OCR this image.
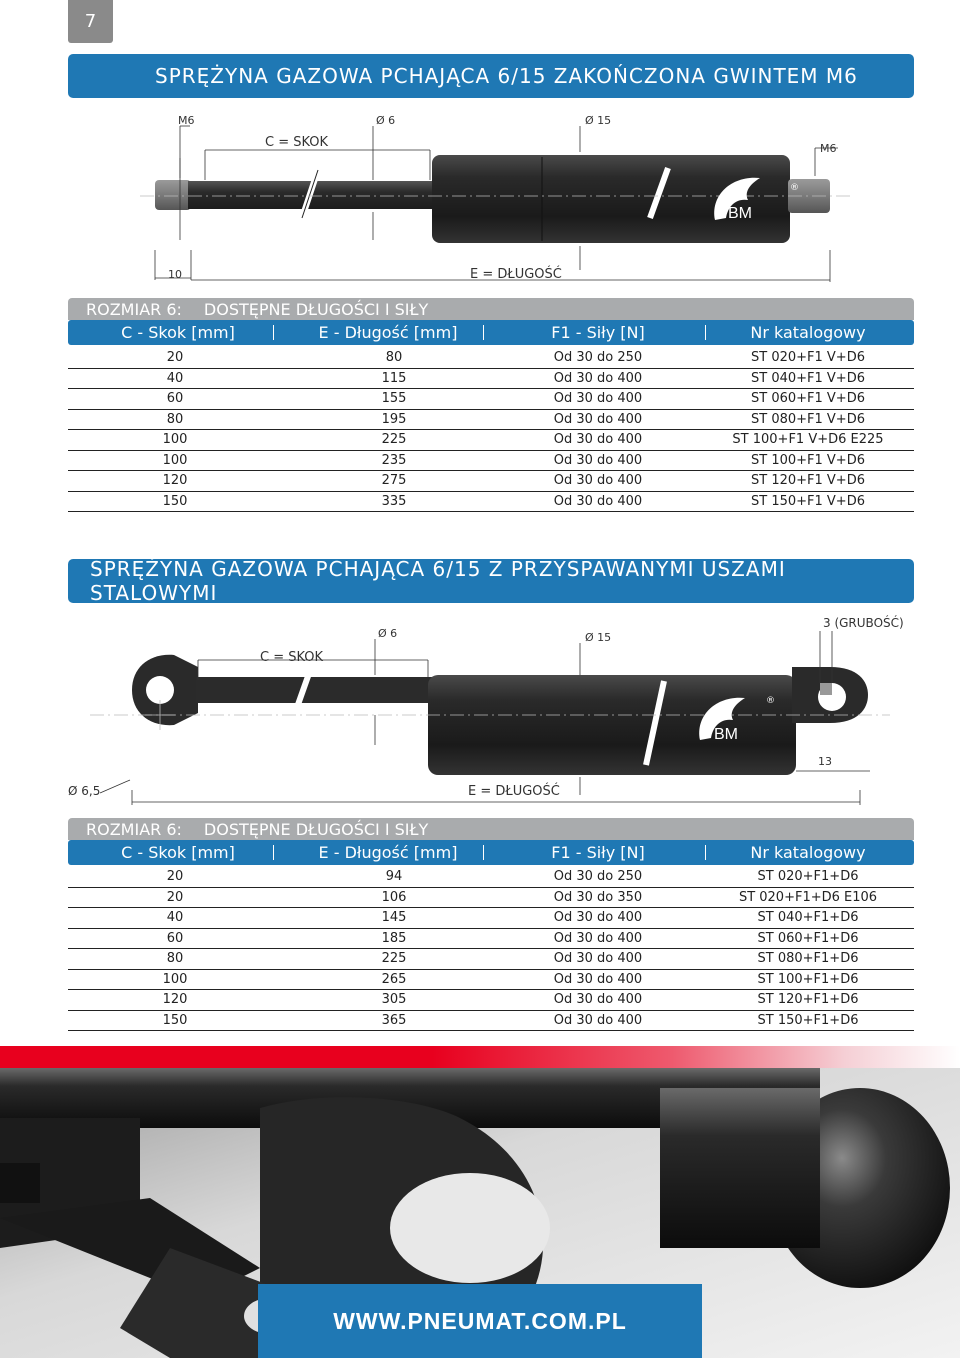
7
SPRĘŻYNA GAZOWA PCHAJĄCA 6/15 ZAKOŃCZONA GWINTEM M6
BM
®
M6	Ø 6	Ø 15
C = SKOK	M6
10	E = DŁUGOŚĆ
ROZMIAR 6: DOSTĘPNE DŁUGOŚCI I SIŁY
C - Skok [mm]	E - Długość [mm]	F1 - Siły [N]	Nr katalogowy
20	80	Od 30 do 250	ST 020+F1 V+D6
40	115	Od 30 do 400	ST 040+F1 V+D6
60	155	Od 30 do 400	ST 060+F1 V+D6
80	195	Od 30 do 400	ST 080+F1 V+D6
100	225	Od 30 do 400	ST 100+F1 V+D6 E225
100	235	Od 30 do 400	ST 100+F1 V+D6
120	275	Od 30 do 400	ST 120+F1 V+D6
150	335	Od 30 do 400	ST 150+F1 V+D6
SPRĘŻYNA GAZOWA PCHAJĄCA 6/15 Z PRZYSPAWANYMI USZAMI STALOWYMI
BM
®
Ø 6	Ø 15
C = SKOK
3 (GRUBOŚĆ)
13
Ø 6,5	E = DŁUGOŚĆ
ROZMIAR 6: DOSTĘPNE DŁUGOŚCI I SIŁY
C - Skok [mm]	E - Długość [mm]	F1 - Siły [N]	Nr katalogowy
20	94	Od 30 do 250	ST 020+F1+D6
20	106	Od 30 do 350	ST 020+F1+D6 E106
40	145	Od 30 do 400	ST 040+F1+D6
60	185	Od 30 do 400	ST 060+F1+D6
80	225	Od 30 do 400	ST 080+F1+D6
100	265	Od 30 do 400	ST 100+F1+D6
120	305	Od 30 do 400	ST 120+F1+D6
150	365	Od 30 do 400	ST 150+F1+D6
WWW.PNEUMAT.COM.PL
